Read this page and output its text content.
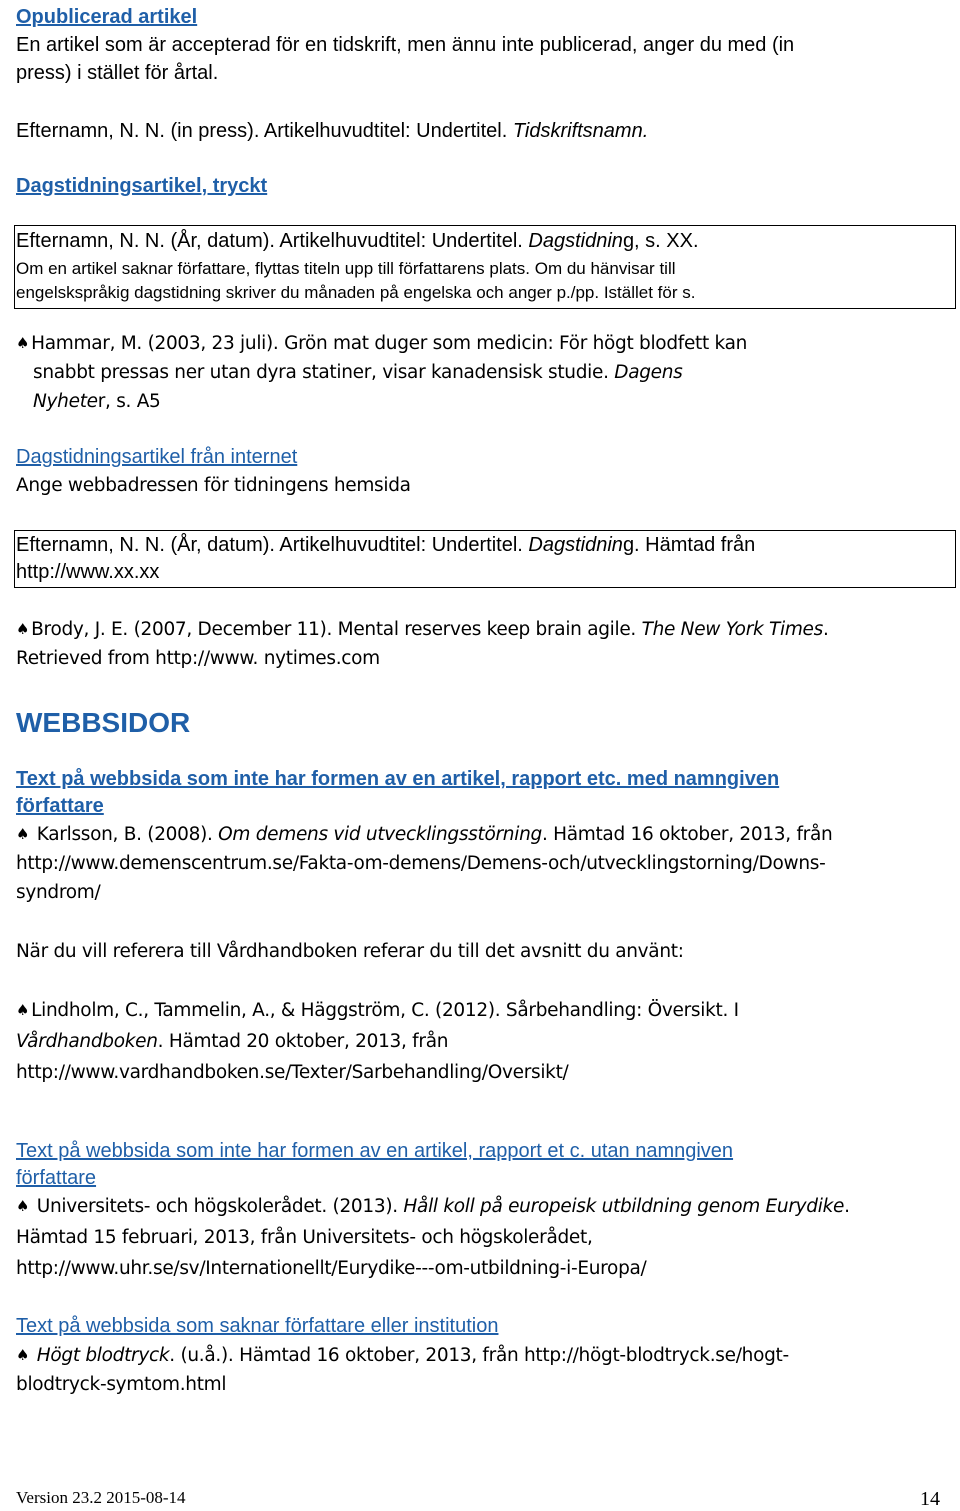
Opublicerad artikel
En artikel som är accepterad för en tidskrift, men ännu inte publicerad, anger du med (in
press) i stället för årtal.
Efternamn, N. N. (in press). Artikelhuvudtitel: Undertitel. Tidskriftsnamn.
Dagstidningsartikel, tryckt
Efternamn, N. N. (År, datum). Artikelhuvudtitel: Undertitel. Dagstidning, s. XX.
Om en artikel saknar författare, flyttas titeln upp till författarens plats. Om du hänvisar till
engelskspråkig dagstidning skriver du månaden på engelska och anger p./pp. Istället för s.
♠ Hammar, M. (2003, 23 juli). Grön mat duger som medicin: För högt blodfett kan
snabbt pressas ner utan dyra statiner, visar kanadensisk studie. Dagens
Nyheter, s. A5
Dagstidningsartikel från internet
Ange webbadressen för tidningens hemsida
Efternamn, N. N. (År, datum). Artikelhuvudtitel: Undertitel. Dagstidning. Hämtad från
http://www.xx.xx
♠ Brody, J. E. (2007, December 11). Mental reserves keep brain agile. The New York Times.
Retrieved from http://www. nytimes.com
WEBBSIDOR
Text på webbsida som inte har formen av en artikel, rapport etc. med namngiven
författare
♠ Karlsson, B. (2008). Om demens vid utvecklingsstörning. Hämtad 16 oktober, 2013, från
http://www.demenscentrum.se/Fakta-om-demens/Demens-och/utvecklingstorning/Downs-
syndrom/
När du vill referera till Vårdhandboken referar du till det avsnitt du använt:
♠ Lindholm, C., Tammelin, A., & Häggström, C. (2012). Sårbehandling: Översikt. I
Vårdhandboken. Hämtad 20 oktober, 2013, från
http://www.vardhandboken.se/Texter/Sarbehandling/Oversikt/
Text på webbsida som inte har formen av en artikel, rapport et c. utan namngiven
författare
♠ Universitets- och högskolerådet. (2013). Håll koll på europeisk utbildning genom Eurydike.
Hämtad 15 februari, 2013, från Universitets- och högskolerådet,
http://www.uhr.se/sv/Internationellt/Eurydike---om-utbildning-i-Europa/
Text på webbsida som saknar författare eller institution
♠ Högt blodtryck. (u.å.). Hämtad 16 oktober, 2013, från http://högt-blodtryck.se/hogt-
blodtryck-symtom.html
Version 23.2 2015-08-14	14
